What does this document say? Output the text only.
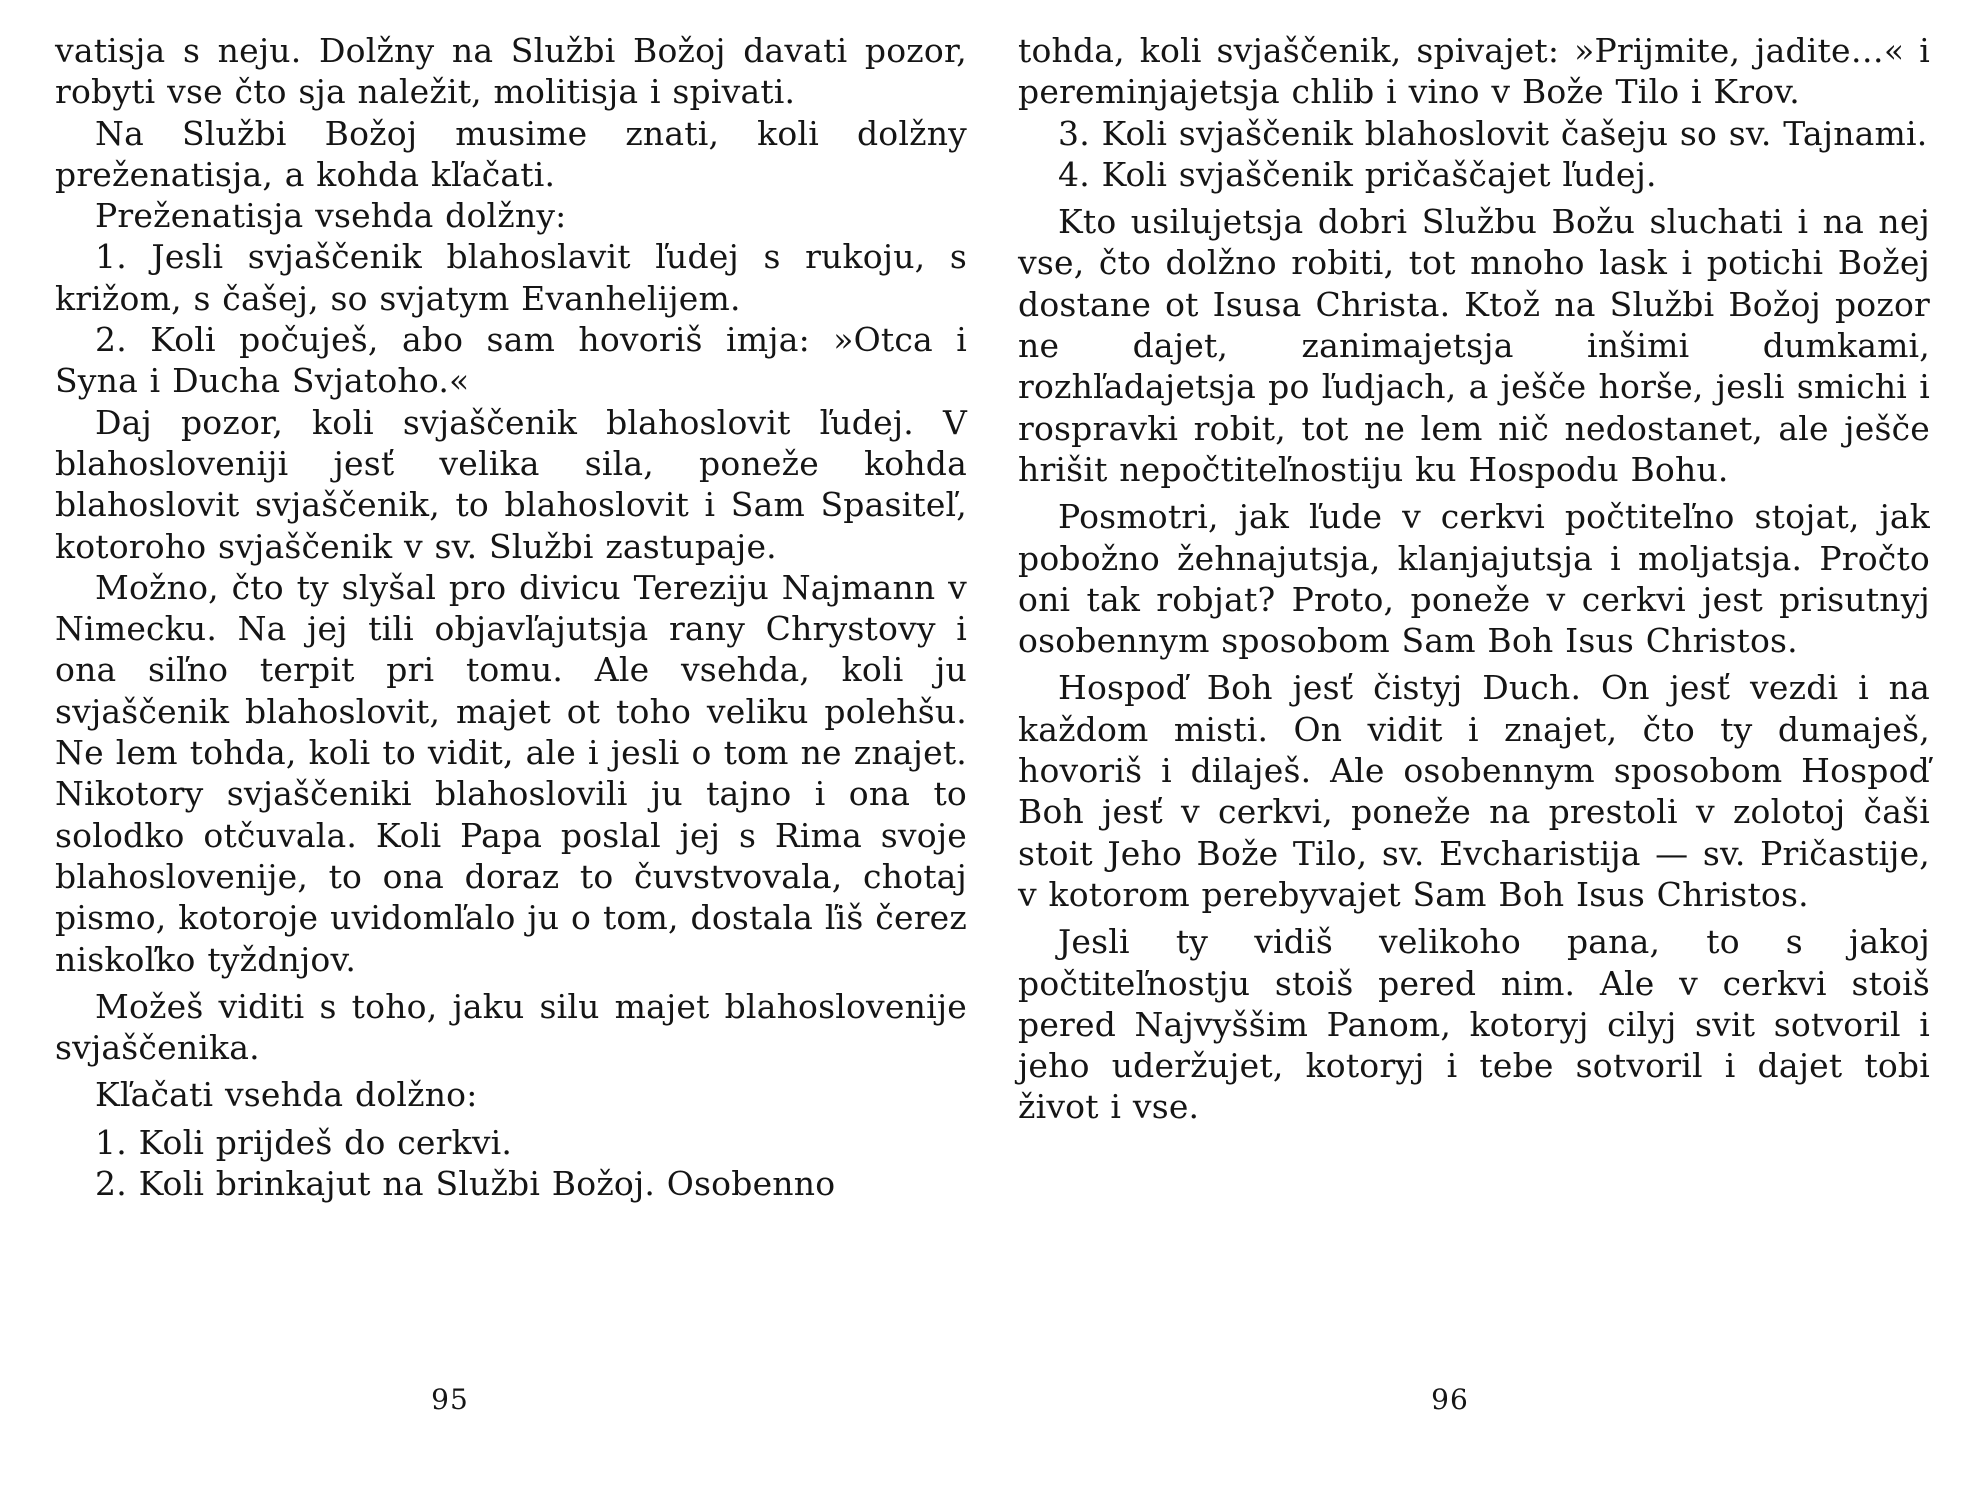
vatisja s neju. Dolžny na Službi Božoj davati pozor, robyti vse čto sja naležit, molitisja i spivati.

Na Službi Božoj musime znati, koli dolžny preženatisja, a kohda kľačati.

Preženatisja vsehda dolžny:

1. Jesli svjaščenik blahoslavit ľudej s rukoju, s križom, s čašej, so svjatym Evanhelijem.

2. Koli počuješ, abo sam hovoriš imja: »Otca i Syna i Ducha Svjatoho.«

Daj pozor, koli svjaščenik blahoslovit ľudej. V blahosloveniji jesť velika sila, poneže kohda blahoslovit svjaščenik, to blahoslovit i Sam Spasiteľ, kotoroho svjaščenik v sv. Službi zastupaje.

Možno, čto ty slyšal pro divicu Tereziju Najmann v Nimecku. Na jej tili objavľajutsja rany Chrystovy i ona siľno terpit pri tomu. Ale vsehda, koli ju svjaščenik blahoslovit, majet ot toho veliku polehšu. Ne lem tohda, koli to vidit, ale i jesli o tom ne znajet. Nikotory svjaščeniki blahoslovili ju tajno i ona to solodko otčuvala. Koli Papa poslal jej s Rima svoje blahoslovenije, to ona doraz to čuvstvovala, chotaj pismo, kotoroje uvidomľalo ju o tom, dostala ľiš čerez niskoľko tyždnjov.

Možeš viditi s toho, jaku silu majet blahoslovenije svjaščenika.

Kľačati vsehda dolžno:

1. Koli prijdeš do cerkvi.

2. Koli brinkajut na Službi Božoj. Osobenno

tohda, koli svjaščenik, spivajet: »Prijmite, jadite…« i pereminjajetsja chlib i vino v Bože Tilo i Krov.

3. Koli svjaščenik blahoslovit čašeju so sv. Tajnami.

4. Koli svjaščenik pričaščajet ľudej.

Kto usilujetsja dobri Službu Božu sluchati i na nej vse, čto dolžno robiti, tot mnoho lask i potichi Božej dostane ot Isusa Christa. Ktož na Službi Božoj pozor ne dajet, zanimajetsja inšimi dumkami, rozhľadajetsja po ľudjach, a ješče horše, jesli smichi i rospravki robit, tot ne lem nič nedostanet, ale ješče hrišit nepočtiteľnostiju ku Hospodu Bohu.

Posmotri, jak ľude v cerkvi počtiteľno stojat, jak pobožno žehnajutsja, klanjajutsja i moljatsja. Pročto oni tak robjat? Proto, poneže v cerkvi jest prisutnyj osobennym sposobom Sam Boh Isus Christos.

Hospoď Boh jesť čistyj Duch. On jesť vezdi i na každom misti. On vidit i znajet, čto ty dumaješ, hovoriš i dilaješ. Ale osobennym sposobom Hospoď Boh jesť v cerkvi, poneže na prestoli v zolotoj čaši stoit Jeho Bože Tilo, sv. Evcharistija — sv. Pričastije, v kotorom perebyvajet Sam Boh Isus Christos.

Jesli ty vidiš velikoho pana, to s jakoj počtiteľnostju stoiš pered nim. Ale v cerkvi stoiš pered Najvyššim Panom, kotoryj cilyj svit sotvoril i jeho uderžujet, kotoryj i tebe sotvoril i dajet tobi život i vse.

95	96
